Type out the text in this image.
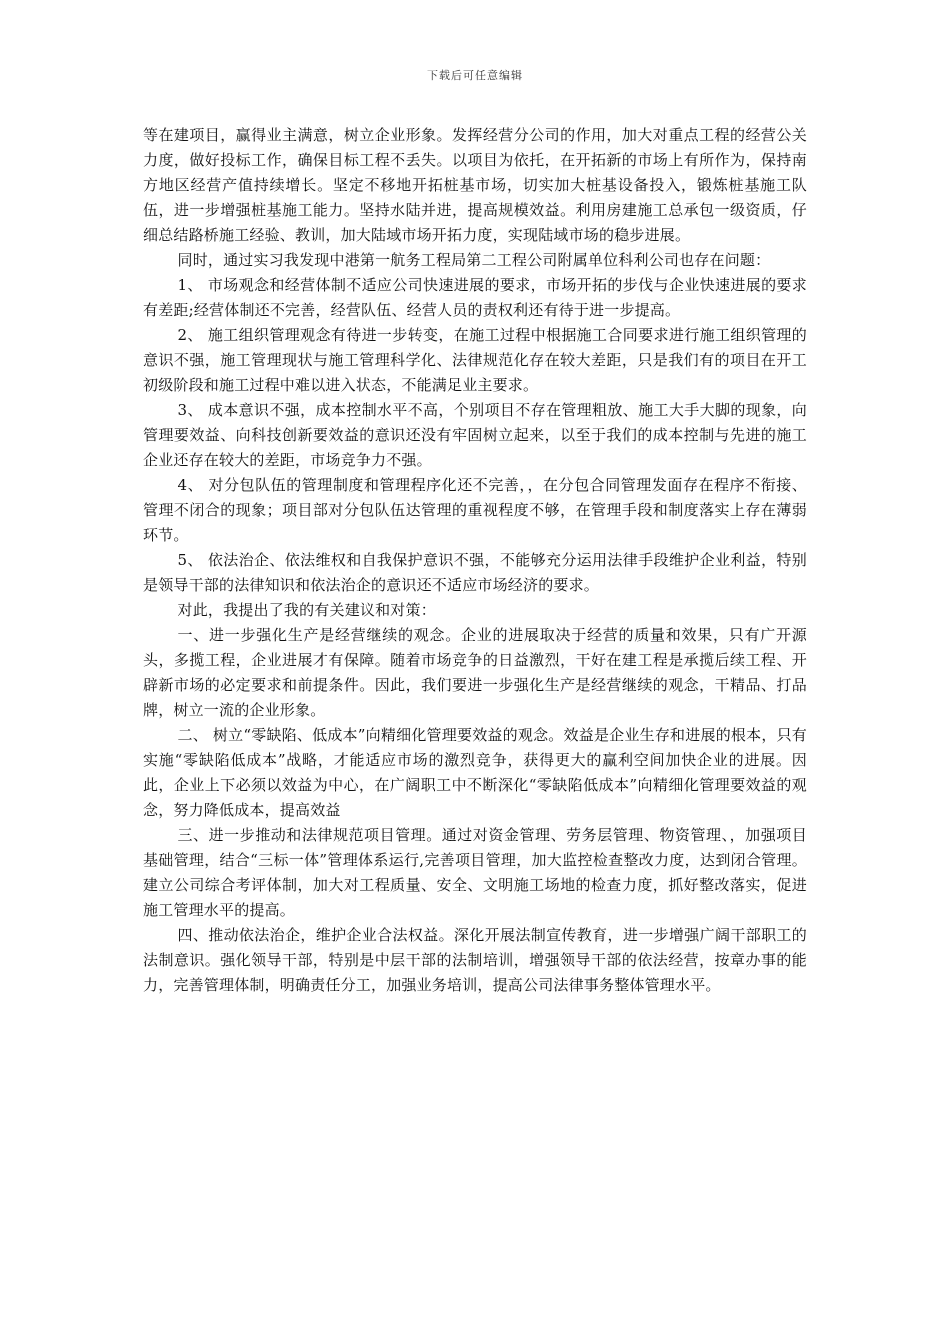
下载后可任意编辑

等在建项目，赢得业主满意，树立企业形象。发挥经营分公司的作用，加大对重点工程的经营公关力度，做好投标工作，确保目标工程不丢失。以项目为依托，在开拓新的市场上有所作为，保持南方地区经营产值持续增长。坚定不移地开拓桩基市场，切实加大桩基设备投入，锻炼桩基施工队伍，进一步增强桩基施工能力。坚持水陆并进，提高规模效益。利用房建施工总承包一级资质，仔细总结路桥施工经验、教训，加大陆域市场开拓力度，实现陆域市场的稳步进展。

同时，通过实习我发现中港第一航务工程局第二工程公司附属单位科利公司也存在问题：

1、 市场观念和经营体制不适应公司快速进展的要求，市场开拓的步伐与企业快速进展的要求有差距;经营体制还不完善，经营队伍、经营人员的责权利还有待于进一步提高。

2、 施工组织管理观念有待进一步转变，在施工过程中根据施工合同要求进行施工组织管理的意识不强，施工管理现状与施工管理科学化、法律规范化存在较大差距，只是我们有的项目在开工初级阶段和施工过程中难以进入状态，不能满足业主要求。

3、 成本意识不强，成本控制水平不高，个别项目不存在管理粗放、施工大手大脚的现象，向管理要效益、向科技创新要效益的意识还没有牢固树立起来，以至于我们的成本控制与先进的施工企业还存在较大的差距，市场竞争力不强。

4、 对分包队伍的管理制度和管理程序化还不完善，，在分包合同管理发面存在程序不衔接、管理不闭合的现象；项目部对分包队伍达管理的重视程度不够，在管理手段和制度落实上存在薄弱环节。

5、 依法治企、依法维权和自我保护意识不强，不能够充分运用法律手段维护企业利益，特别是领导干部的法律知识和依法治企的意识还不适应市场经济的要求。

对此，我提出了我的有关建议和对策：

一、进一步强化生产是经营继续的观念。企业的进展取决于经营的质量和效果，只有广开源头，多揽工程，企业进展才有保障。随着市场竞争的日益激烈，干好在建工程是承揽后续工程、开辟新市场的必定要求和前提条件。因此，我们要进一步强化生产是经营继续的观念，干精品、打品牌，树立一流的企业形象。

二、 树立“零缺陷、低成本”向精细化管理要效益的观念。效益是企业生存和进展的根本，只有实施“零缺陷低成本”战略，才能适应市场的激烈竞争，获得更大的赢利空间加快企业的进展。因此，企业上下必须以效益为中心，在广阔职工中不断深化“零缺陷低成本”向精细化管理要效益的观念，努力降低成本，提高效益

三、进一步推动和法律规范项目管理。通过对资金管理、劳务层管理、物资管理、，加强项目基础管理，结合“三标一体”管理体系运行,完善项目管理，加大监控检查整改力度，达到闭合管理。建立公司综合考评体制，加大对工程质量、安全、文明施工场地的检查力度，抓好整改落实，促进施工管理水平的提高。

四、推动依法治企，维护企业合法权益。深化开展法制宣传教育，进一步增强广阔干部职工的法制意识。强化领导干部，特别是中层干部的法制培训，增强领导干部的依法经营，按章办事的能力，完善管理体制，明确责任分工，加强业务培训，提高公司法律事务整体管理水平。
